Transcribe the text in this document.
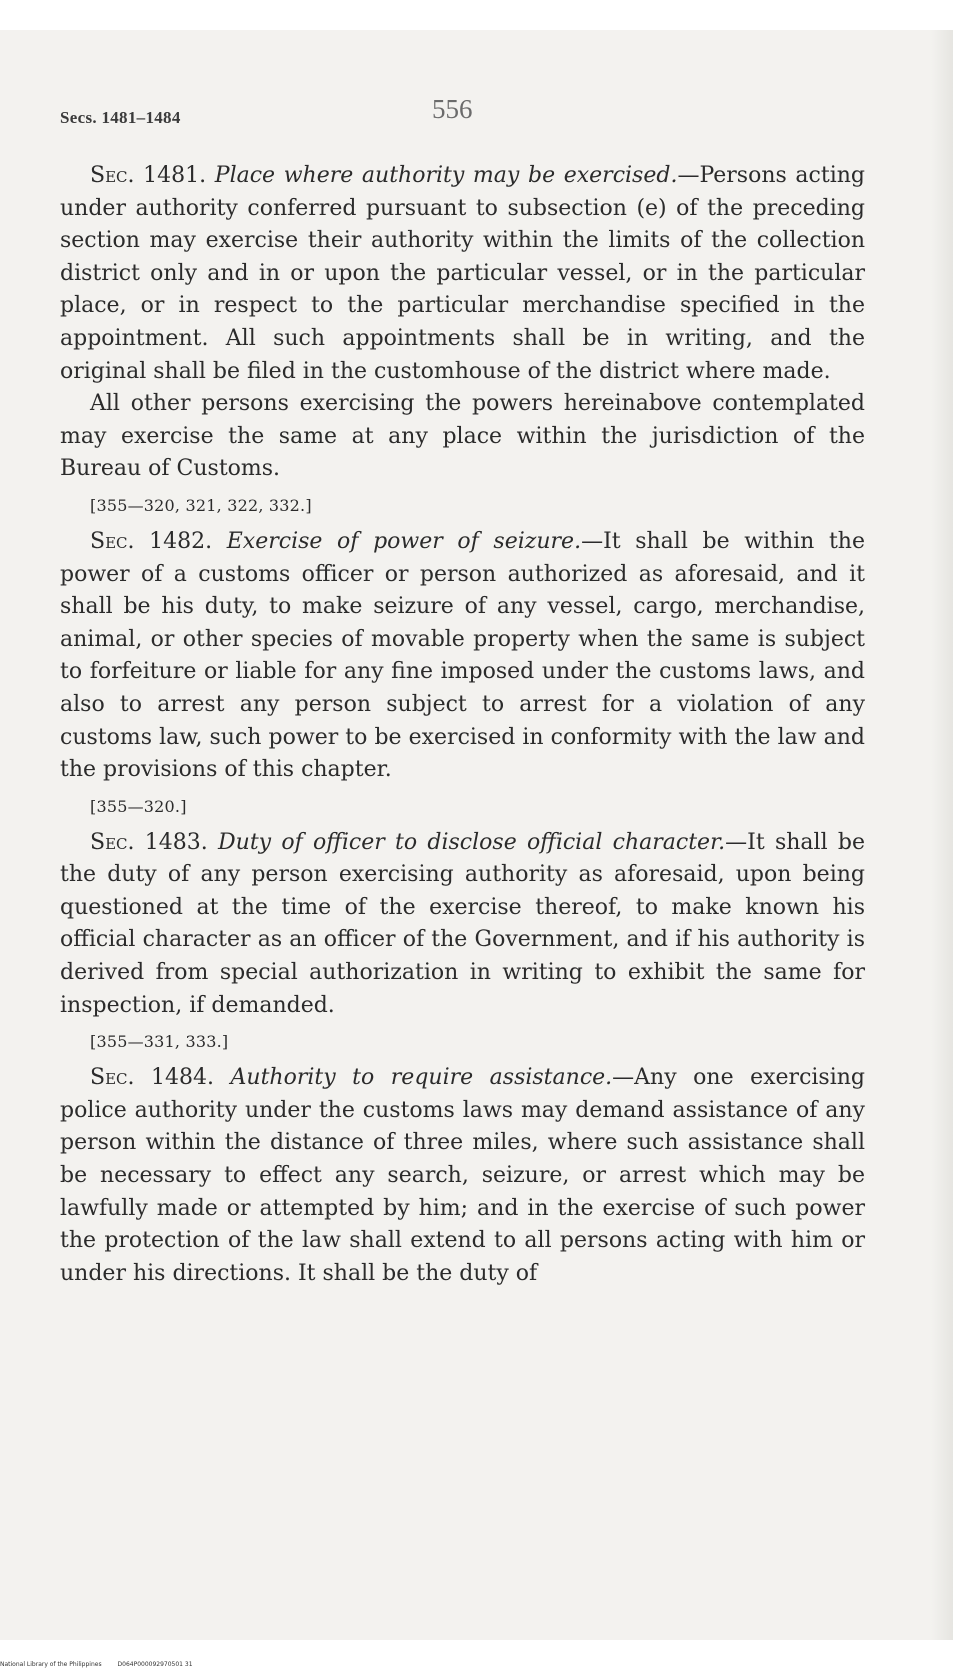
Secs. 1481–1484	556

Sec. 1481. Place where authority may be exercised.—Persons acting under authority conferred pursuant to subsection (e) of the preceding section may exercise their authority within the limits of the collection district only and in or upon the particular vessel, or in the particular place, or in respect to the particular merchandise specified in the appointment. All such appointments shall be in writing, and the original shall be filed in the customhouse of the district where made.

All other persons exercising the powers hereinabove contemplated may exercise the same at any place within the jurisdiction of the Bureau of Customs.

[355—320, 321, 322, 332.]

Sec. 1482. Exercise of power of seizure.—It shall be within the power of a customs officer or person authorized as aforesaid, and it shall be his duty, to make seizure of any vessel, cargo, merchandise, animal, or other species of movable property when the same is subject to forfeiture or liable for any fine imposed under the customs laws, and also to arrest any person subject to arrest for a violation of any customs law, such power to be exercised in conformity with the law and the provisions of this chapter.

[355—320.]

Sec. 1483. Duty of officer to disclose official character.—It shall be the duty of any person exercising authority as aforesaid, upon being questioned at the time of the exercise thereof, to make known his official character as an officer of the Government, and if his authority is derived from special authorization in writing to exhibit the same for inspection, if demanded.

[355—331, 333.]

Sec. 1484. Authority to require assistance.—Any one exercising police authority under the customs laws may demand assistance of any person within the distance of three miles, where such assistance shall be necessary to effect any search, seizure, or arrest which may be lawfully made or attempted by him; and in the exercise of such power the protection of the law shall extend to all persons acting with him or under his directions. It shall be the duty of

National Library of the Philippines	D064P000092970501 31
